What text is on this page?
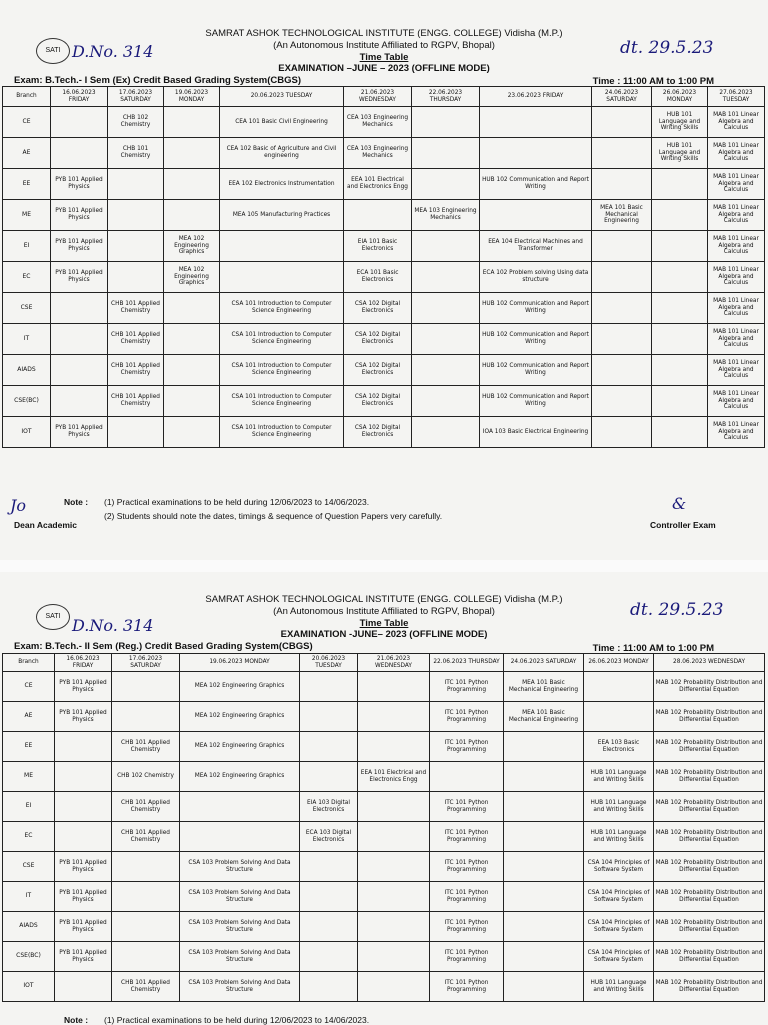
SATI D.No. 314	dt. 29.5.23
SAMRAT ASHOK TECHNOLOGICAL INSTITUTE (ENGG. COLLEGE) Vidisha (M.P.)
(An Autonomous Institute Affiliated to RGPV, Bhopal)
Time Table
EXAMINATION –JUNE – 2023 (OFFLINE MODE)
Exam: B.Tech.- I Sem (Ex) Credit Based Grading System(CBGS)	Time : 11:00 AM to 1:00 PM
Branch	16.06.2023 FRIDAY	17.06.2023 SATURDAY	19.06.2023 MONDAY	20.06.2023 TUESDAY	21.06.2023 WEDNESDAY	22.06.2023 THURSDAY	23.06.2023 FRIDAY	24.06.2023 SATURDAY	26.06.2023 MONDAY	27.06.2023 TUESDAY
CE		CHB 102 Chemistry		CEA 101 Basic Civil Engineering	CEA 103 Engineering Mechanics				HUB 101 Language and Writing Skills	MAB 101 Linear Algebra and Calculus
AE		CHB 101 Chemistry		CEA 102 Basic of Agriculture and Civil engineering	CEA 103 Engineering Mechanics				HUB 101 Language and Writing Skills	MAB 101 Linear Algebra and Calculus
EE	PYB 101 Applied Physics			EEA 102 Electronics Instrumentation	EEA 101 Electrical and Electronics Engg		HUB 102 Communication and Report Writing			MAB 101 Linear Algebra and Calculus
ME	PYB 101 Applied Physics			MEA 105 Manufacturing Practices		MEA 103 Engineering Mechanics		MEA 101 Basic Mechanical Engineering		MAB 101 Linear Algebra and Calculus
EI	PYB 101 Applied Physics		MEA 102 Engineering Graphics		EIA 101 Basic Electronics		EEA 104 Electrical Machines and Transformer			MAB 101 Linear Algebra and Calculus
EC	PYB 101 Applied Physics		MEA 102 Engineering Graphics		ECA 101 Basic Electronics		ECA 102 Problem solving Using data structure			MAB 101 Linear Algebra and Calculus
CSE		CHB 101 Applied Chemistry		CSA 101 Introduction to Computer Science Engineering	CSA 102 Digital Electronics		HUB 102 Communication and Report Writing			MAB 101 Linear Algebra and Calculus
IT		CHB 101 Applied Chemistry		CSA 101 Introduction to Computer Science Engineering	CSA 102 Digital Electronics		HUB 102 Communication and Report Writing			MAB 101 Linear Algebra and Calculus
AIADS		CHB 101 Applied Chemistry		CSA 101 Introduction to Computer Science Engineering	CSA 102 Digital Electronics		HUB 102 Communication and Report Writing			MAB 101 Linear Algebra and Calculus
CSE(BC)		CHB 101 Applied Chemistry		CSA 101 Introduction to Computer Science Engineering	CSA 102 Digital Electronics		HUB 102 Communication and Report Writing			MAB 101 Linear Algebra and Calculus
IOT	PYB 101 Applied Physics			CSA 101 Introduction to Computer Science Engineering	CSA 102 Digital Electronics		IOA 103 Basic Electrical Engineering			MAB 101 Linear Algebra and Calculus
Jo	Note : (1) Practical examinations to be held during 12/06/2023 to 14/06/2023.
(2) Students should note the dates, timings & sequence of Question Papers very carefully.
Dean Academic
&
Controller Exam
SATI D.No. 314
dt. 29.5.23
SAMRAT ASHOK TECHNOLOGICAL INSTITUTE (ENGG. COLLEGE) Vidisha (M.P.)
(An Autonomous Institute Affiliated to RGPV, Bhopal)
Time Table
EXAMINATION -JUNE– 2023 (OFFLINE MODE)
Exam: B.Tech.- II Sem (Reg.) Credit Based Grading System(CBGS)	Time : 11:00 AM to 1:00 PM
Branch	16.06.2023 FRIDAY	17.06.2023 SATURDAY	19.06.2023 MONDAY	20.06.2023 TUESDAY	21.06.2023 WEDNESDAY	22.06.2023 THURSDAY	24.06.2023 SATURDAY	26.06.2023 MONDAY	28.06.2023 WEDNESDAY
CE	PYB 101 Applied Physics		MEA 102 Engineering Graphics			ITC 101 Python Programming	MEA 101 Basic Mechanical Engineering		MAB 102 Probability Distribution and Differential Equation
AE	PYB 101 Applied Physics		MEA 102 Engineering Graphics			ITC 101 Python Programming	MEA 101 Basic Mechanical Engineering		MAB 102 Probability Distribution and Differential Equation
EE		CHB 101 Applied Chemistry	MEA 102 Engineering Graphics			ITC 101 Python Programming		EEA 103 Basic Electronics	MAB 102 Probability Distribution and Differential Equation
ME		CHB 102 Chemistry	MEA 102 Engineering Graphics		EEA 101 Electrical and Electronics Engg			HUB 101 Language and Writing Skills	MAB 102 Probability Distribution and Differential Equation
EI		CHB 101 Applied Chemistry		EIA 103 Digital Electronics		ITC 101 Python Programming		HUB 101 Language and Writing Skills	MAB 102 Probability Distribution and Differential Equation
EC		CHB 101 Applied Chemistry		ECA 103 Digital Electronics		ITC 101 Python Programming		HUB 101 Language and Writing Skills	MAB 102 Probability Distribution and Differential Equation
CSE	PYB 101 Applied Physics		CSA 103 Problem Solving And Data Structure			ITC 101 Python Programming		CSA 104 Principles of Software System	MAB 102 Probability Distribution and Differential Equation
IT	PYB 101 Applied Physics		CSA 103 Problem Solving And Data Structure			ITC 101 Python Programming		CSA 104 Principles of Software System	MAB 102 Probability Distribution and Differential Equation
AIADS	PYB 101 Applied Physics		CSA 103 Problem Solving And Data Structure			ITC 101 Python Programming		CSA 104 Principles of Software System	MAB 102 Probability Distribution and Differential Equation
CSE(BC)	PYB 101 Applied Physics		CSA 103 Problem Solving And Data Structure			ITC 101 Python Programming		CSA 104 Principles of Software System	MAB 102 Probability Distribution and Differential Equation
IOT		CHB 101 Applied Chemistry	CSA 103 Problem Solving And Data Structure			ITC 101 Python Programming		HUB 101 Language and Writing Skills	MAB 102 Probability Distribution and Differential Equation
Note : (1) Practical examinations to be held during 12/06/2023 to 14/06/2023.
